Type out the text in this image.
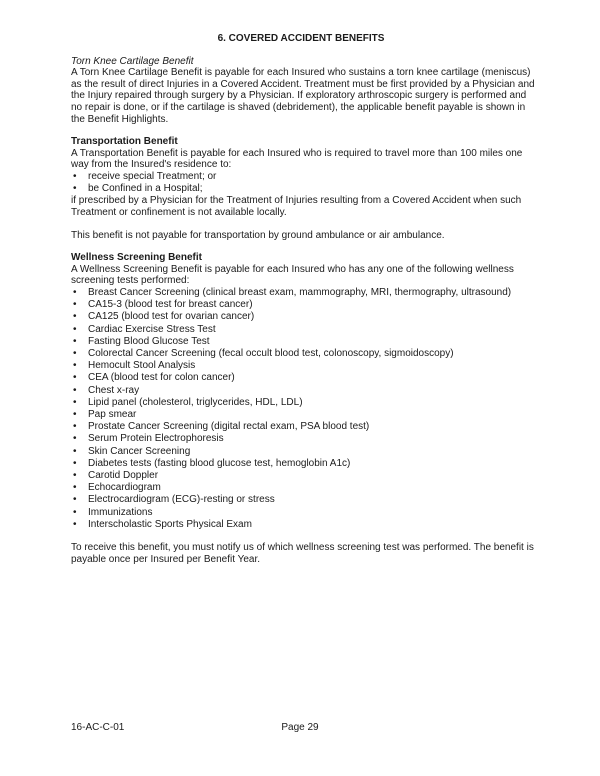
6. COVERED ACCIDENT BENEFITS
Torn Knee Cartilage Benefit
A Torn Knee Cartilage Benefit is payable for each Insured who sustains a torn knee cartilage (meniscus)
as the result of direct Injuries in a Covered Accident. Treatment must be first provided by a Physician and
the Injury repaired through surgery by a Physician. If exploratory arthroscopic surgery is performed and
no repair is done, or if the cartilage is shaved (debridement), the applicable benefit payable is shown in
the Benefit Highlights.
Transportation Benefit
A Transportation Benefit is payable for each Insured who is required to travel more than 100 miles one
way from the Insured's residence to:
• receive special Treatment; or
• be Confined in a Hospital;
if prescribed by a Physician for the Treatment of Injuries resulting from a Covered Accident when such
Treatment or confinement is not available locally.
This benefit is not payable for transportation by ground ambulance or air ambulance.
Wellness Screening Benefit
A Wellness Screening Benefit is payable for each Insured who has any one of the following wellness
screening tests performed:
• Breast Cancer Screening (clinical breast exam, mammography, MRI, thermography, ultrasound)
• CA15-3 (blood test for breast cancer)
• CA125 (blood test for ovarian cancer)
• Cardiac Exercise Stress Test
• Fasting Blood Glucose Test
• Colorectal Cancer Screening (fecal occult blood test, colonoscopy, sigmoidoscopy)
• Hemocult Stool Analysis
• CEA (blood test for colon cancer)
• Chest x-ray
• Lipid panel (cholesterol, triglycerides, HDL, LDL)
• Pap smear
• Prostate Cancer Screening (digital rectal exam, PSA blood test)
• Serum Protein Electrophoresis
• Skin Cancer Screening
• Diabetes tests (fasting blood glucose test, hemoglobin A1c)
• Carotid Doppler
• Echocardiogram
• Electrocardiogram (ECG)-resting or stress
• Immunizations
• Interscholastic Sports Physical Exam
To receive this benefit, you must notify us of which wellness screening test was performed. The benefit is
payable once per Insured per Benefit Year.
16-AC-C-01	Page 29
